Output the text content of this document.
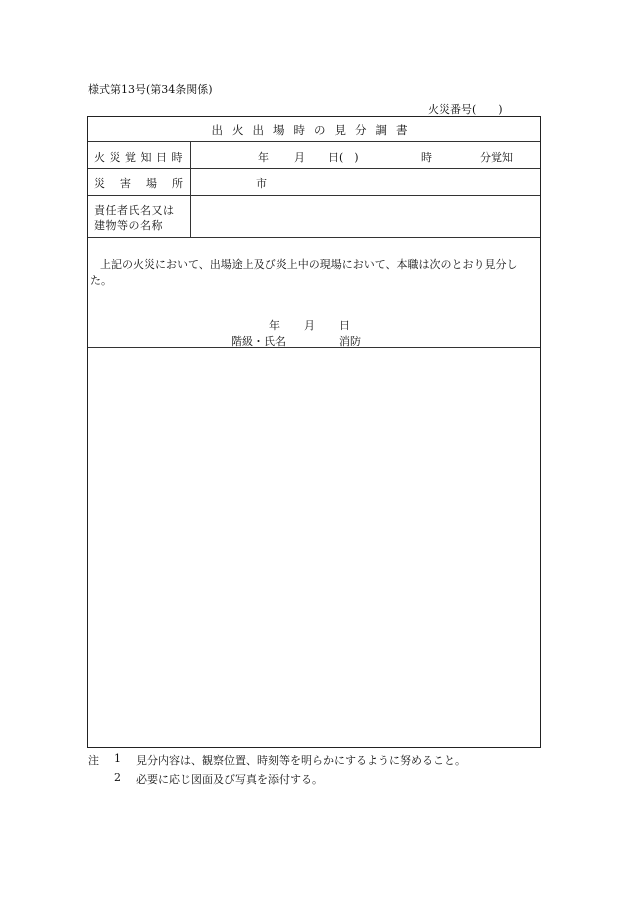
様式第13号(第34条関係)
火災番号(　　)
出火出場時の見分調書
火災覚知日時	年 月 日(　)	時	分覚知
災害場所	市
責任者氏名又は
建物等の名称
上記の火災において、出場途上及び炎上中の現場において、本職は次のとおり見分した。
年 月 日
階級・氏名	消防
注 1 見分内容は、観察位置、時刻等を明らかにするように努めること。
2 必要に応じ図面及び写真を添付する。
